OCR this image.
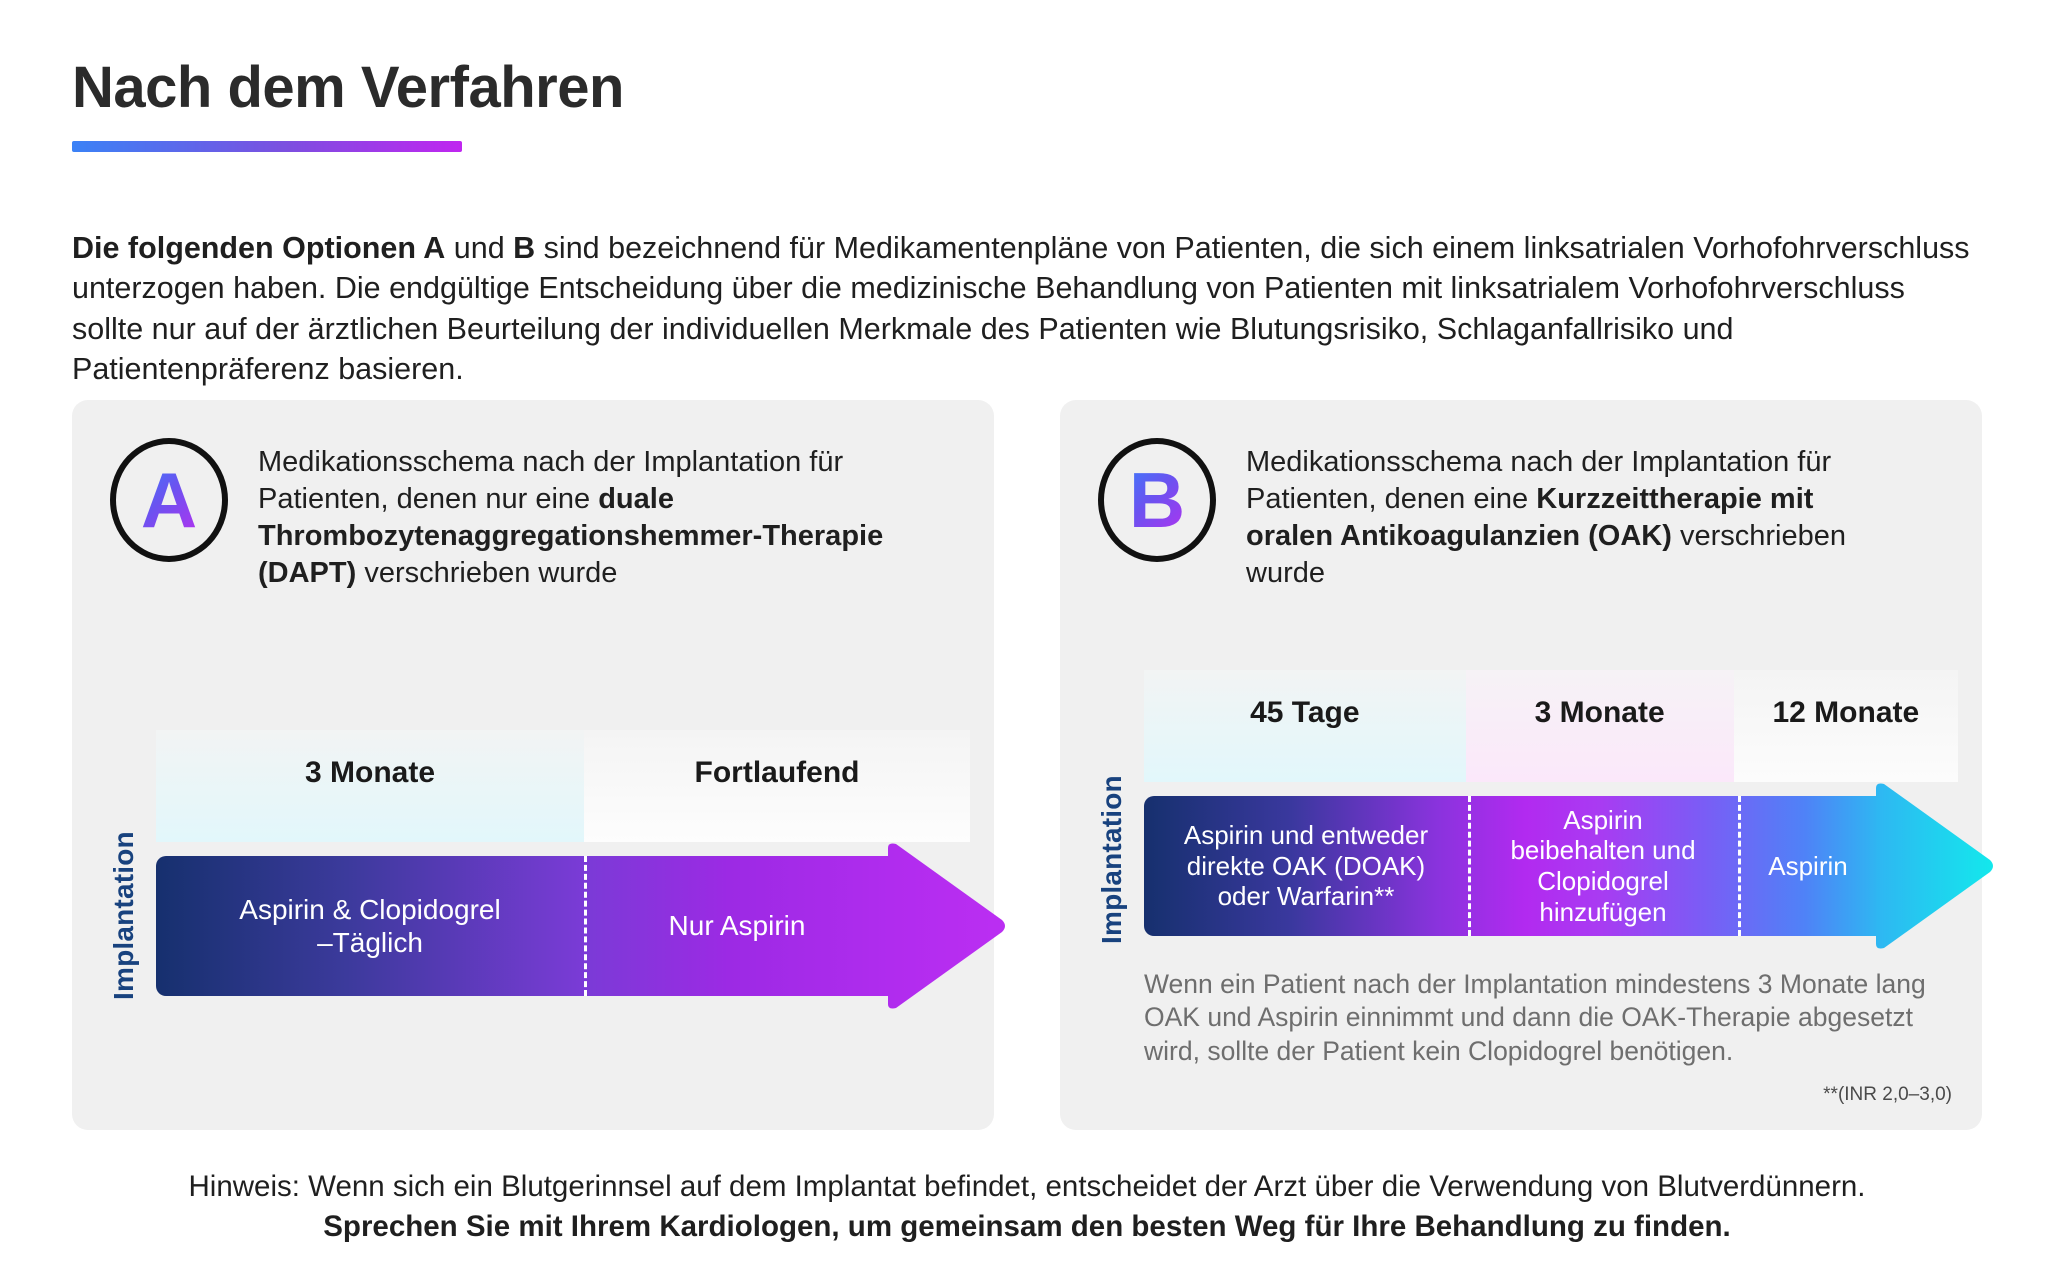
Nach dem Verfahren
Die folgenden Optionen A und B sind bezeichnend für Medikamentenpläne von Patienten, die sich einem linksatrialen Vorhofohrverschluss unterzogen haben. Die endgültige Entscheidung über die medizinische Behandlung von Patienten mit linksatrialem Vorhofohrverschluss sollte nur auf der ärztlichen Beurteilung der individuellen Merkmale des Patienten wie Blutungsrisiko, Schlaganfallrisiko und Patientenpräferenz basieren.
A Medikationsschema nach der Implantation für Patienten, denen nur eine duale Thrombozytenaggregationshemmer-Therapie (DAPT) verschrieben wurde
Implantation
3 Monate	Fortlaufend
Aspirin & Clopidogrel
–Täglich
Nur Aspirin
B Medikationsschema nach der Implantation für Patienten, denen eine Kurzzeittherapie mit oralen Antikoagulanzien (OAK) verschrieben wurde
Implantation
45 Tage	3 Monate	12 Monate
Aspirin und entweder
direkte OAK (DOAK)
oder Warfarin**
Aspirin
beibehalten und
Clopidogrel
hinzufügen
Aspirin
Wenn ein Patient nach der Implantation mindestens 3 Monate lang OAK und Aspirin einnimmt und dann die OAK-Therapie abgesetzt wird, sollte der Patient kein Clopidogrel benötigen.
**(INR 2,0–3,0)
Hinweis: Wenn sich ein Blutgerinnsel auf dem Implantat befindet, entscheidet der Arzt über die Verwendung von Blutverdünnern.
Sprechen Sie mit Ihrem Kardiologen, um gemeinsam den besten Weg für Ihre Behandlung zu finden.
